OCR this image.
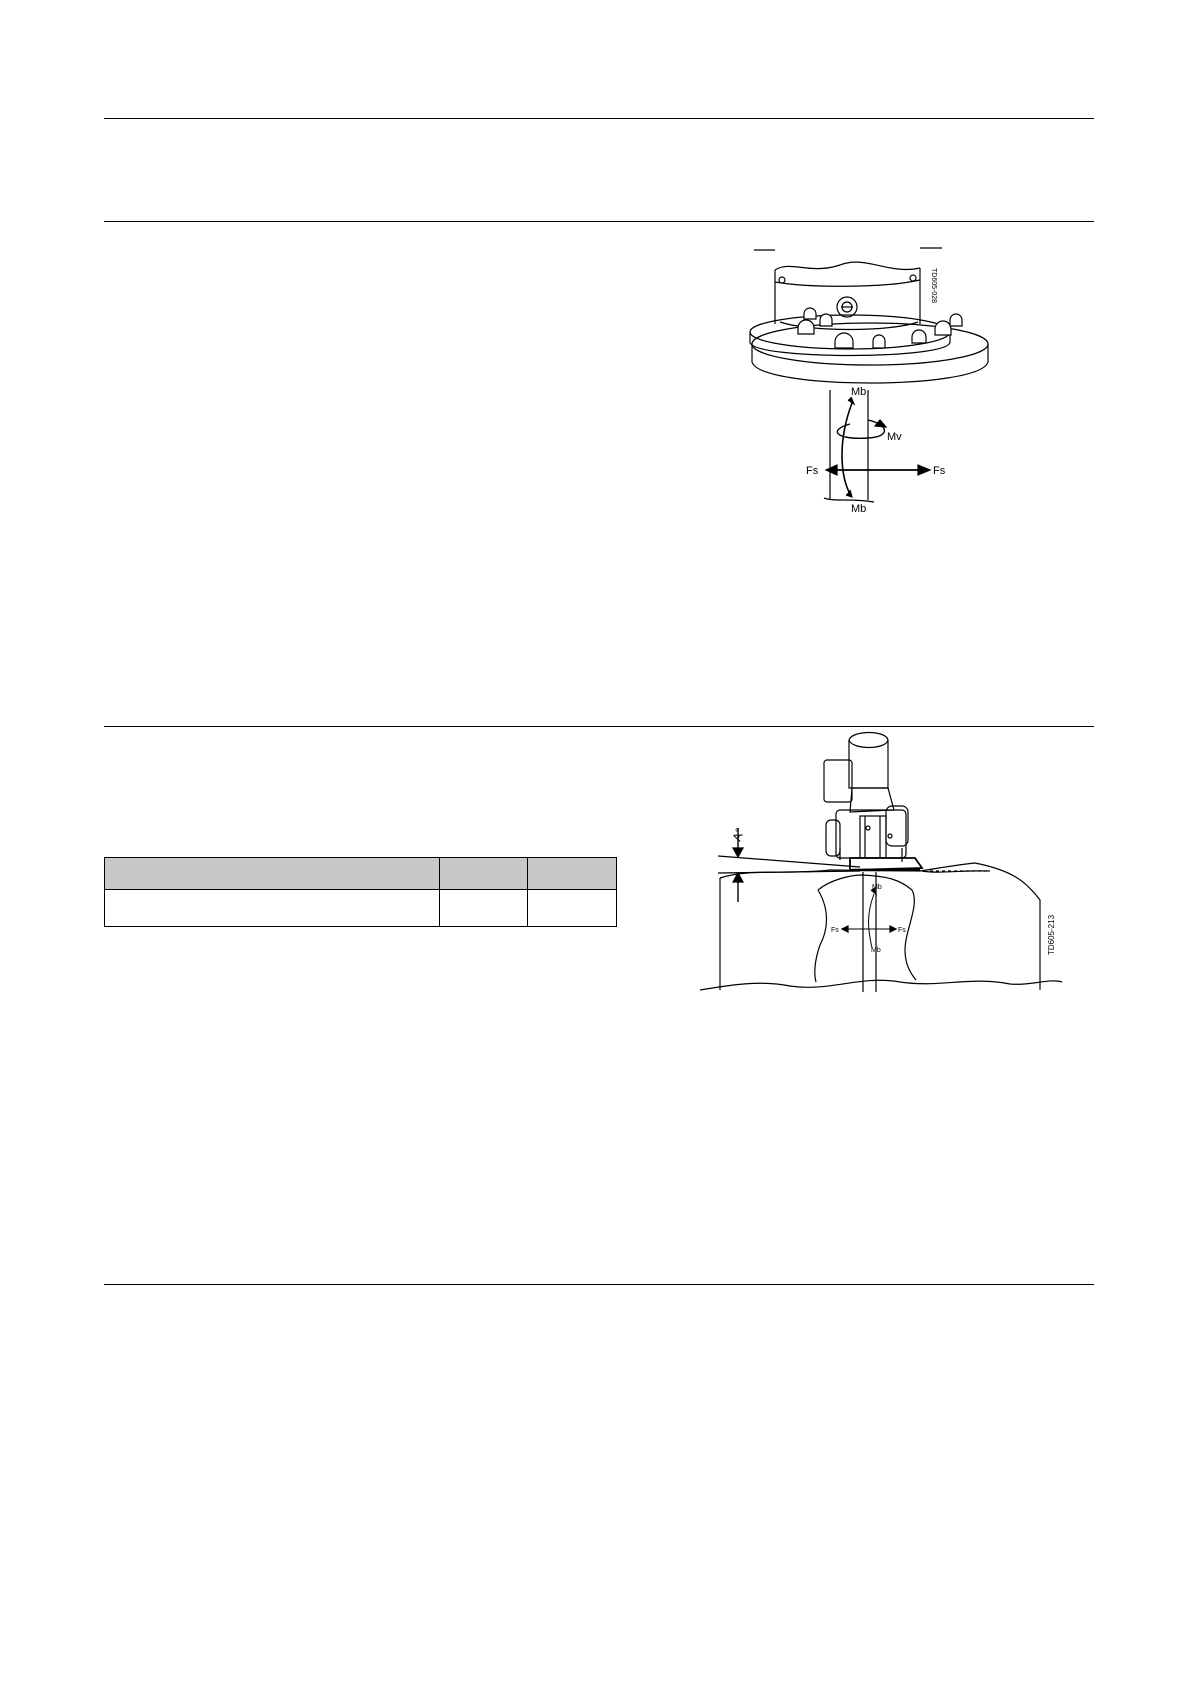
Mb
Mv
Fs	Fs
Mb
TD605-028

A°
Mb
Fs	Fs
Mb	TD605-213
